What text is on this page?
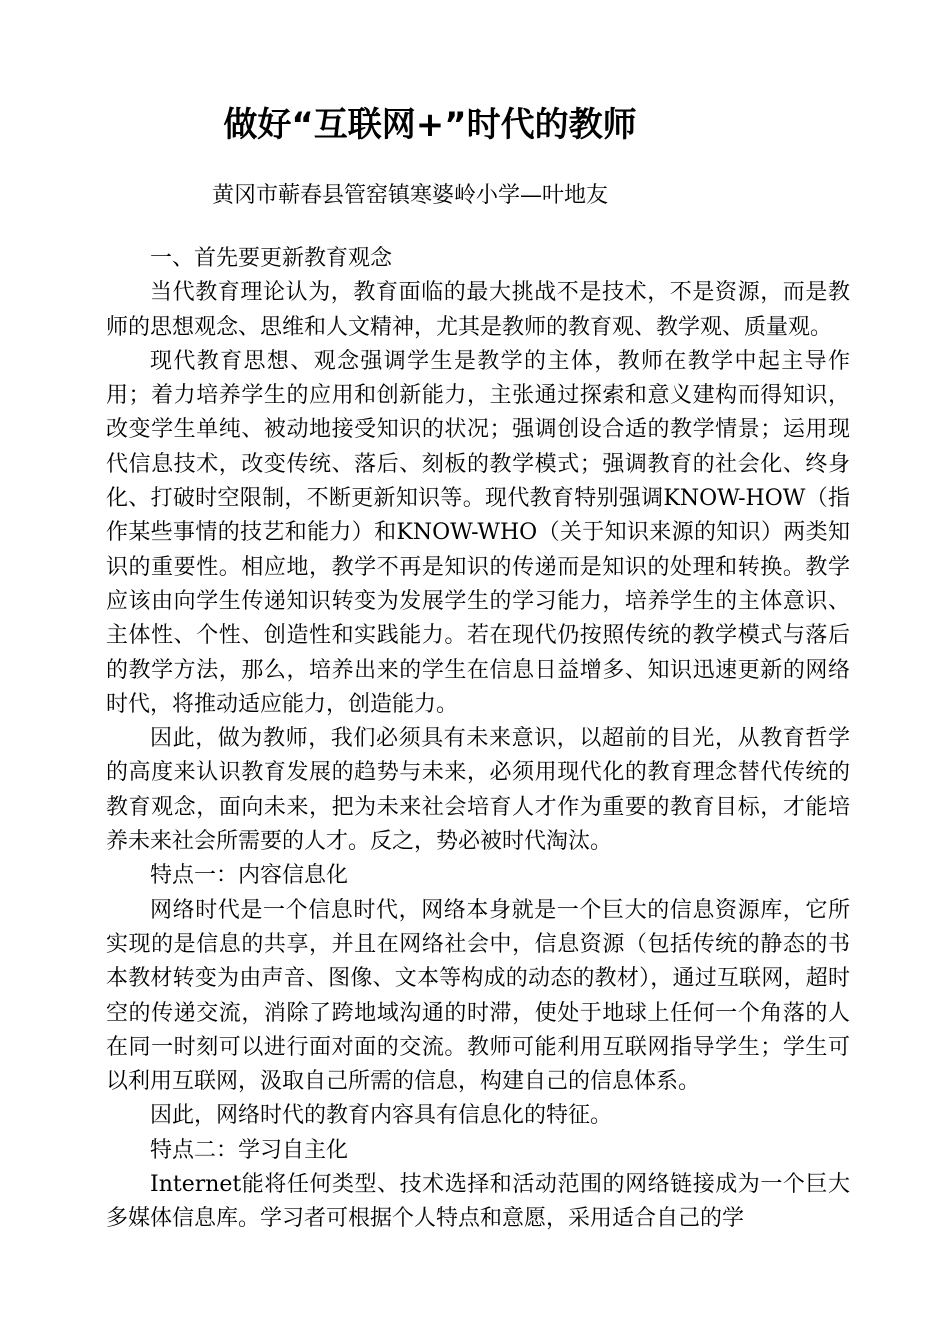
做好“互联网+”时代的教师
黄冈市蕲春县管窑镇寒婆岭小学—叶地友

一、首先要更新教育观念

当代教育理论认为，教育面临的最大挑战不是技术，不是资源，而是教师的思想观念、思维和人文精神，尤其是教师的教育观、教学观、质量观。

现代教育思想、观念强调学生是教学的主体，教师在教学中起主导作用；着力培养学生的应用和创新能力，主张通过探索和意义建构而得知识，改变学生单纯、被动地接受知识的状况；强调创设合适的教学情景；运用现代信息技术，改变传统、落后、刻板的教学模式；强调教育的社会化、终身化、打破时空限制，不断更新知识等。现代教育特别强调KNOW-HOW（指作某些事情的技艺和能力）和KNOW-WHO（关于知识来源的知识）两类知识的重要性。相应地，教学不再是知识的传递而是知识的处理和转换。教学应该由向学生传递知识转变为发展学生的学习能力，培养学生的主体意识、主体性、个性、创造性和实践能力。若在现代仍按照传统的教学模式与落后的教学方法，那么，培养出来的学生在信息日益增多、知识迅速更新的网络时代，将推动适应能力，创造能力。

因此，做为教师，我们必须具有未来意识，以超前的目光，从教育哲学的高度来认识教育发展的趋势与未来，必须用现代化的教育理念替代传统的教育观念，面向未来，把为未来社会培育人才作为重要的教育目标，才能培养未来社会所需要的人才。反之，势必被时代淘汰。

特点一：内容信息化

网络时代是一个信息时代，网络本身就是一个巨大的信息资源库，它所实现的是信息的共享，并且在网络社会中，信息资源（包括传统的静态的书本教材转变为由声音、图像、文本等构成的动态的教材），通过互联网，超时空的传递交流，消除了跨地域沟通的时滞，使处于地球上任何一个角落的人在同一时刻可以进行面对面的交流。教师可能利用互联网指导学生；学生可以利用互联网，汲取自己所需的信息，构建自己的信息体系。

因此，网络时代的教育内容具有信息化的特征。

特点二：学习自主化

Internet能将任何类型、技术选择和活动范围的网络链接成为一个巨大多媒体信息库。学习者可根据个人特点和意愿，采用适合自己的学
